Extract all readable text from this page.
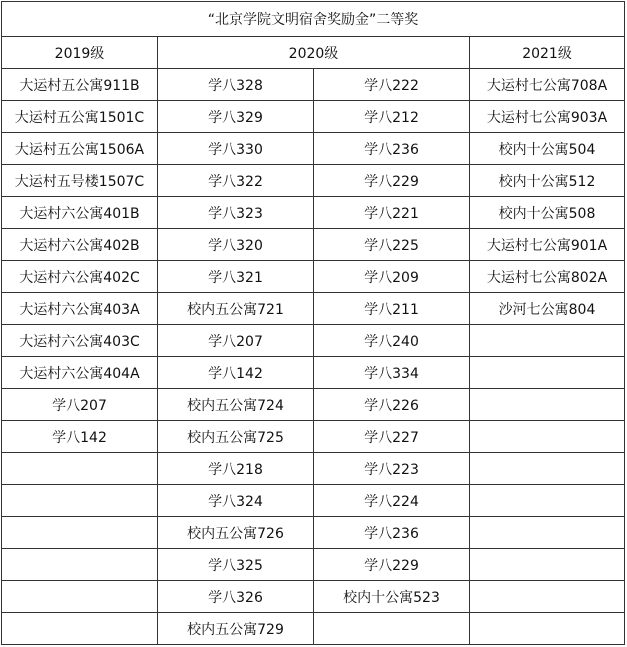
“北京学院文明宿舍奖励金”二等奖			
2019级	2020级		2021级
大运村五公寓911B	学八328	学八222	大运村七公寓708A
大运村五公寓1501C	学八329	学八212	大运村七公寓903A
大运村五公寓1506A	学八330	学八236	校内十公寓504
大运村五号楼1507C	学八322	学八229	校内十公寓512
大运村六公寓401B	学八323	学八221	校内十公寓508
大运村六公寓402B	学八320	学八225	大运村七公寓901A
大运村六公寓402C	学八321	学八209	大运村七公寓802A
大运村六公寓403A	校内五公寓721	学八211	沙河七公寓804
大运村六公寓403C	学八207	学八240	
大运村六公寓404A	学八142	学八334	
学八207	校内五公寓724	学八226	
学八142	校内五公寓725	学八227	
	学八218	学八223	
	学八324	学八224	
	校内五公寓726	学八236	
	学八325	学八229	
	学八326	校内十公寓523	
	校内五公寓729		
